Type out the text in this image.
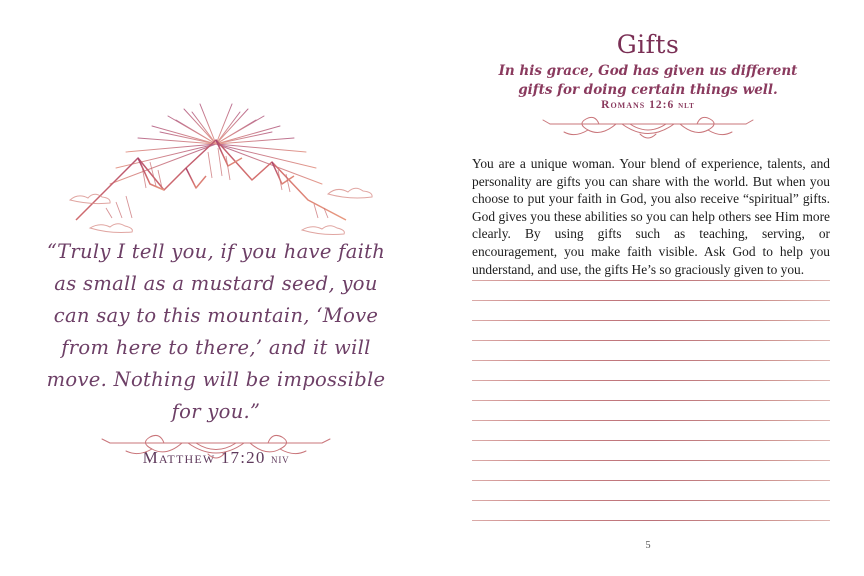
“Truly I tell you, if you have faith as small as a mustard seed, you can say to this mountain, ‘Move from here to there,’ and it will move. Nothing will be impossible for you.”
Matthew 17:20 niv
Gifts
In his grace, God has given us different gifts for doing certain things well.
Romans 12:6 nlt
You are a unique woman. Your blend of experience, talents, and personality are gifts you can share with the world. But when you choose to put your faith in God, you also receive “spiritual” gifts. God gives you these abilities so you can help others see Him more clearly. By using gifts such as teaching, serving, or encouragement, you make faith visible. Ask God to help you understand, and use, the gifts He’s so graciously given to you.
5
